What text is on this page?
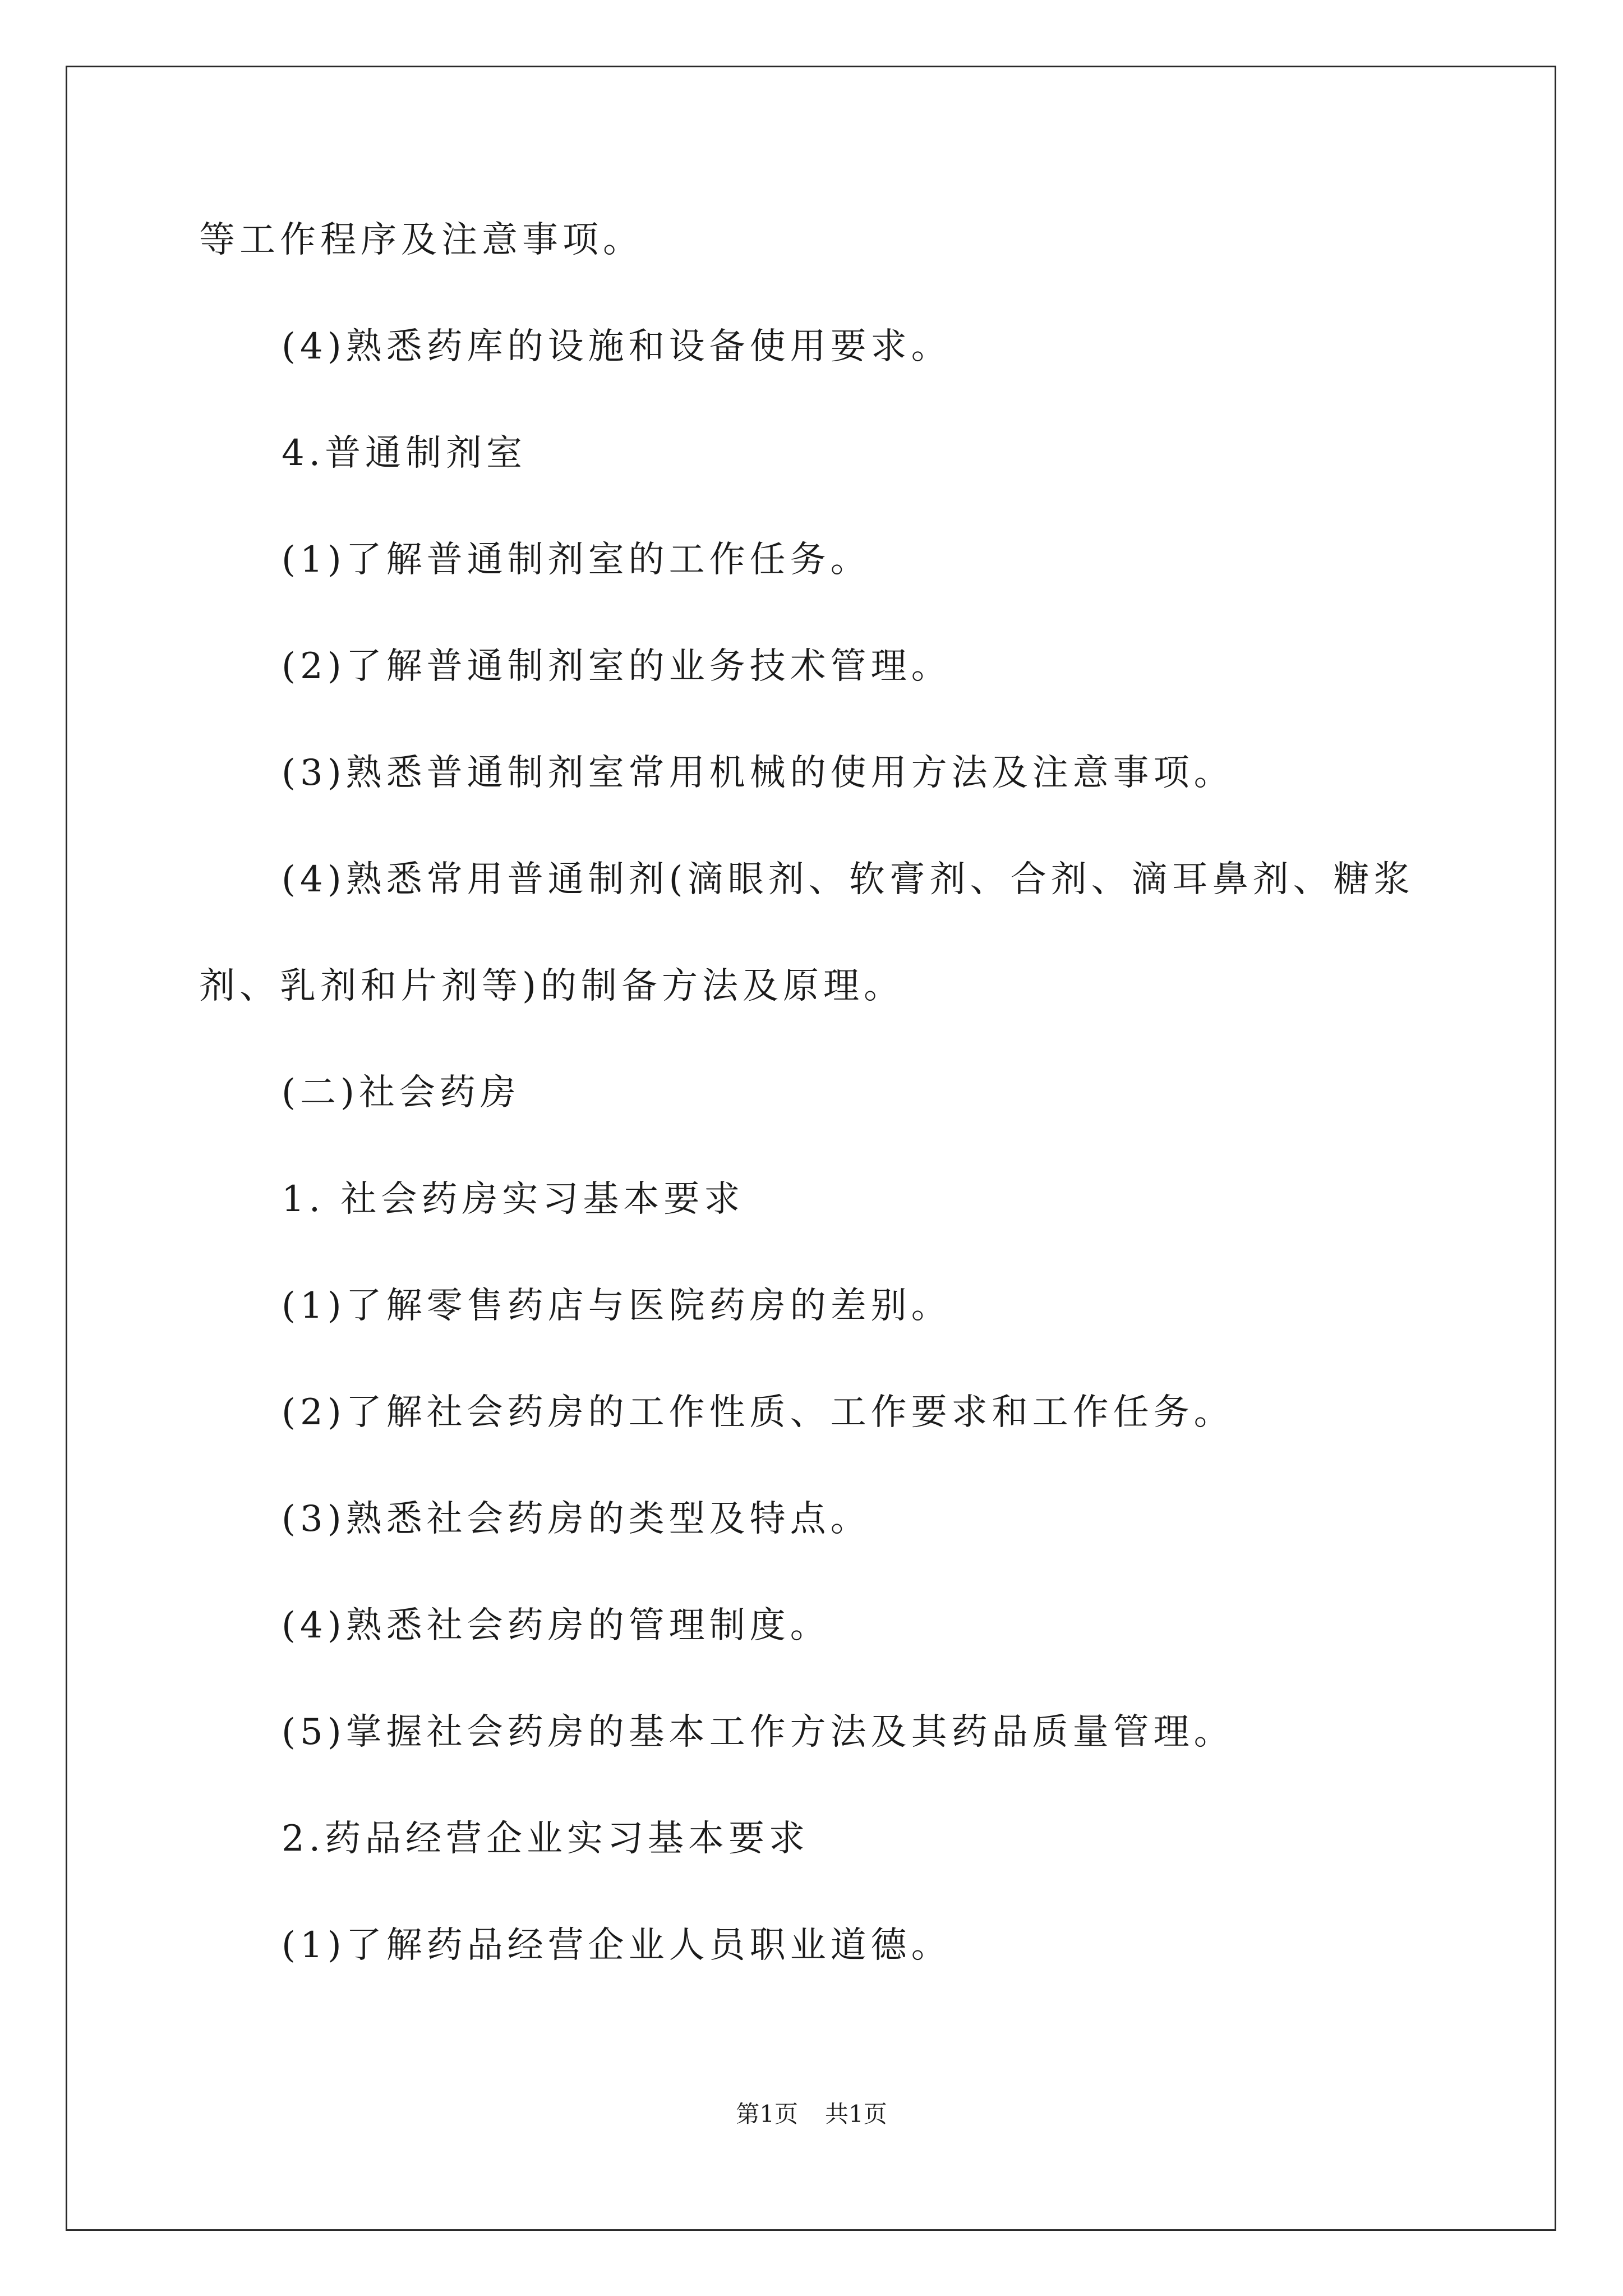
等工作程序及注意事项。
(4)熟悉药库的设施和设备使用要求。
4.普通制剂室
(1)了解普通制剂室的工作任务。
(2)了解普通制剂室的业务技术管理。
(3)熟悉普通制剂室常用机械的使用方法及注意事项。
(4)熟悉常用普通制剂(滴眼剂、软膏剂、合剂、滴耳鼻剂、糖浆
剂、乳剂和片剂等)的制备方法及原理。
(二)社会药房
1. 社会药房实习基本要求
(1)了解零售药店与医院药房的差别。
(2)了解社会药房的工作性质、工作要求和工作任务。
(3)熟悉社会药房的类型及特点。
(4)熟悉社会药房的管理制度。
(5)掌握社会药房的基本工作方法及其药品质量管理。
2.药品经营企业实习基本要求
(1)了解药品经营企业人员职业道德。
第1页 共1页
